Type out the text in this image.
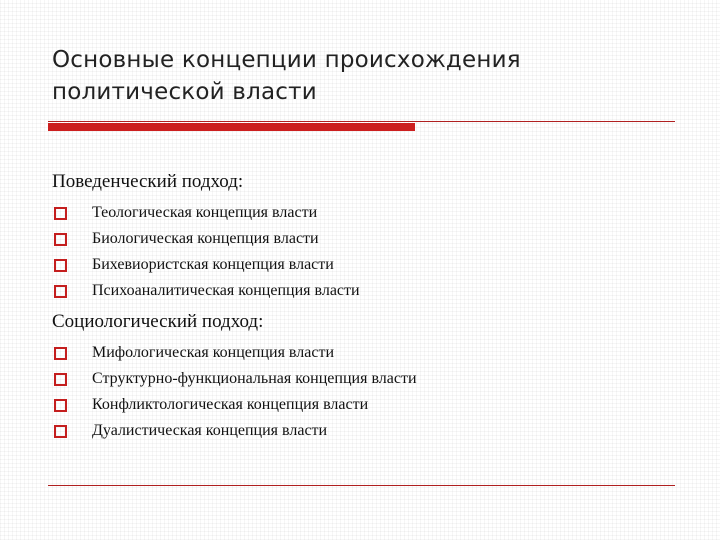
Основные концепции происхождения
политической власти

Поведенческий подход:

Теологическая концепция власти
Биологическая концепция власти
Бихевиористская концепция власти
Психоаналитическая концепция власти

Социологический подход:

Мифологическая концепция власти
Структурно-функциональная концепция власти
Конфликтологическая концепция власти
Дуалистическая концепция власти
